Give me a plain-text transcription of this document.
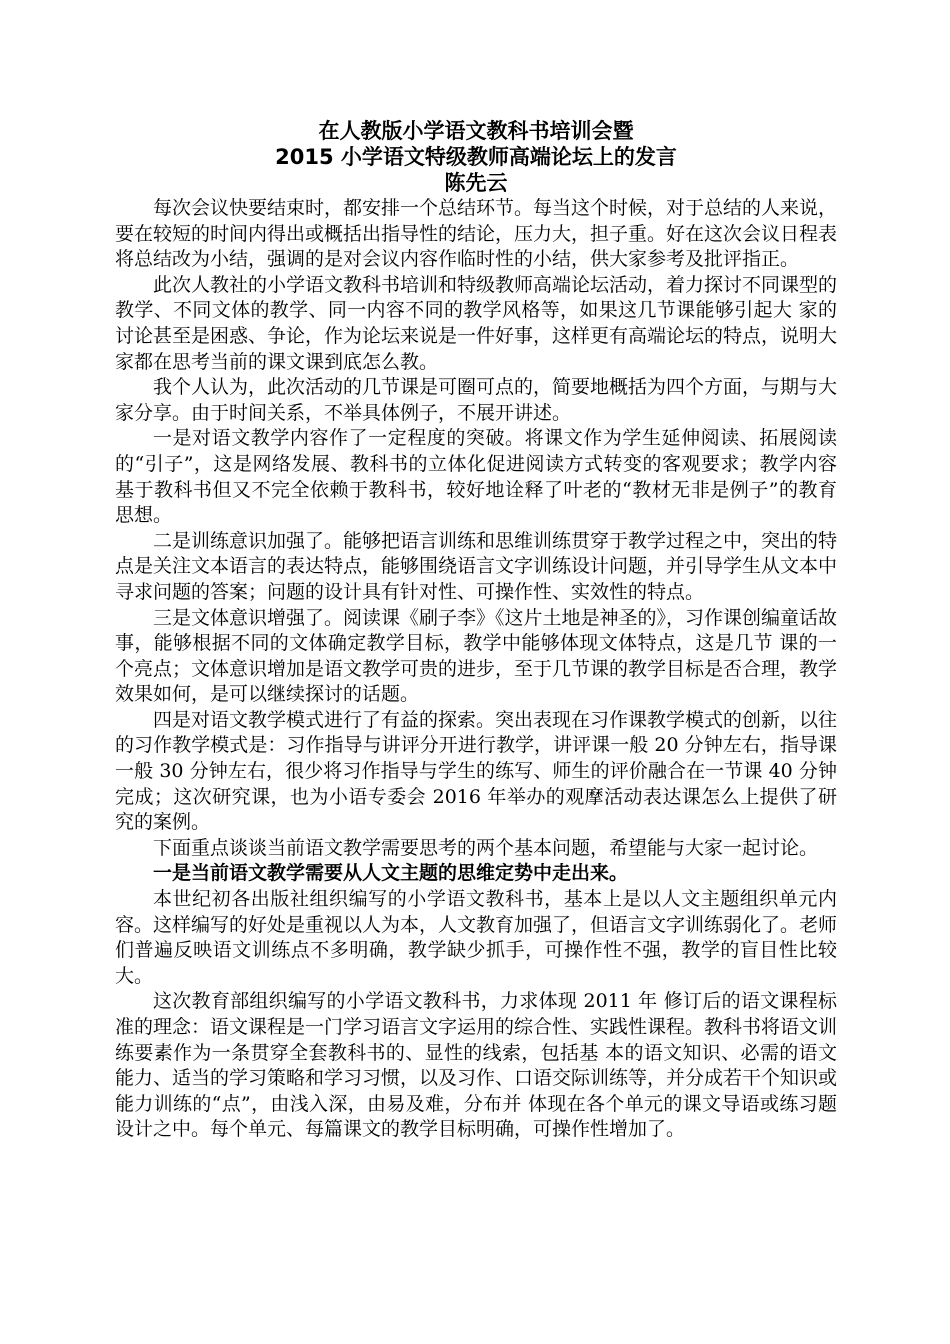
在人教版小学语文教科书培训会暨
2015 小学语文特级教师高端论坛上的发言
陈先云

每次会议快要结束时，都安排一个总结环节。每当这个时候，对于总结的人来说，要在较短的时间内得出或概括出指导性的结论，压力大，担子重。好在这次会议日程表将总结改为小结，强调的是对会议内容作临时性的小结，供大家参考及批评指正。

此次人教社的小学语文教科书培训和特级教师高端论坛活动，着力探讨不同课型的教学、不同文体的教学、同一内容不同的教学风格等，如果这几节课能够引起大 家的讨论甚至是困惑、争论，作为论坛来说是一件好事，这样更有高端论坛的特点，说明大家都在思考当前的课文课到底怎么教。

我个人认为，此次活动的几节课是可圈可点的，简要地概括为四个方面，与期与大家分享。由于时间关系，不举具体例子，不展开讲述。

一是对语文教学内容作了一定程度的突破。将课文作为学生延伸阅读、拓展阅读的“引子”，这是网络发展、教科书的立体化促进阅读方式转变的客观要求；教学内容基于教科书但又不完全依赖于教科书，较好地诠释了叶老的“教材无非是例子”的教育思想。

二是训练意识加强了。能够把语言训练和思维训练贯穿于教学过程之中，突出的特点是关注文本语言的表达特点，能够围绕语言文字训练设计问题，并引导学生从文本中寻求问题的答案；问题的设计具有针对性、可操作性、实效性的特点。

三是文体意识增强了。阅读课《刷子李》《这片土地是神圣的》，习作课创编童话故事，能够根据不同的文体确定教学目标，教学中能够体现文体特点，这是几节 课的一个亮点；文体意识增加是语文教学可贵的进步，至于几节课的教学目标是否合理，教学效果如何，是可以继续探讨的话题。

四是对语文教学模式进行了有益的探索。突出表现在习作课教学模式的创新，以往的习作教学模式是：习作指导与讲评分开进行教学，讲评课一般 20 分钟左右，指导课一般 30 分钟左右，很少将习作指导与学生的练写、师生的评价融合在一节课 40 分钟完成；这次研究课，也为小语专委会 2016 年举办的观摩活动表达课怎么上提供了研究的案例。

下面重点谈谈当前语文教学需要思考的两个基本问题，希望能与大家一起讨论。

一是当前语文教学需要从人文主题的思维定势中走出来。

本世纪初各出版社组织编写的小学语文教科书，基本上是以人文主题组织单元内容。这样编写的好处是重视以人为本，人文教育加强了，但语言文字训练弱化了。老师们普遍反映语文训练点不多明确，教学缺少抓手，可操作性不强，教学的盲目性比较大。

这次教育部组织编写的小学语文教科书，力求体现 2011 年 修订后的语文课程标准的理念：语文课程是一门学习语言文字运用的综合性、实践性课程。教科书将语文训练要素作为一条贯穿全套教科书的、显性的线索，包括基 本的语文知识、必需的语文能力、适当的学习策略和学习习惯，以及习作、口语交际训练等，并分成若干个知识或能力训练的“点”，由浅入深，由易及难，分布并 体现在各个单元的课文导语或练习题设计之中。每个单元、每篇课文的教学目标明确，可操作性增加了。
